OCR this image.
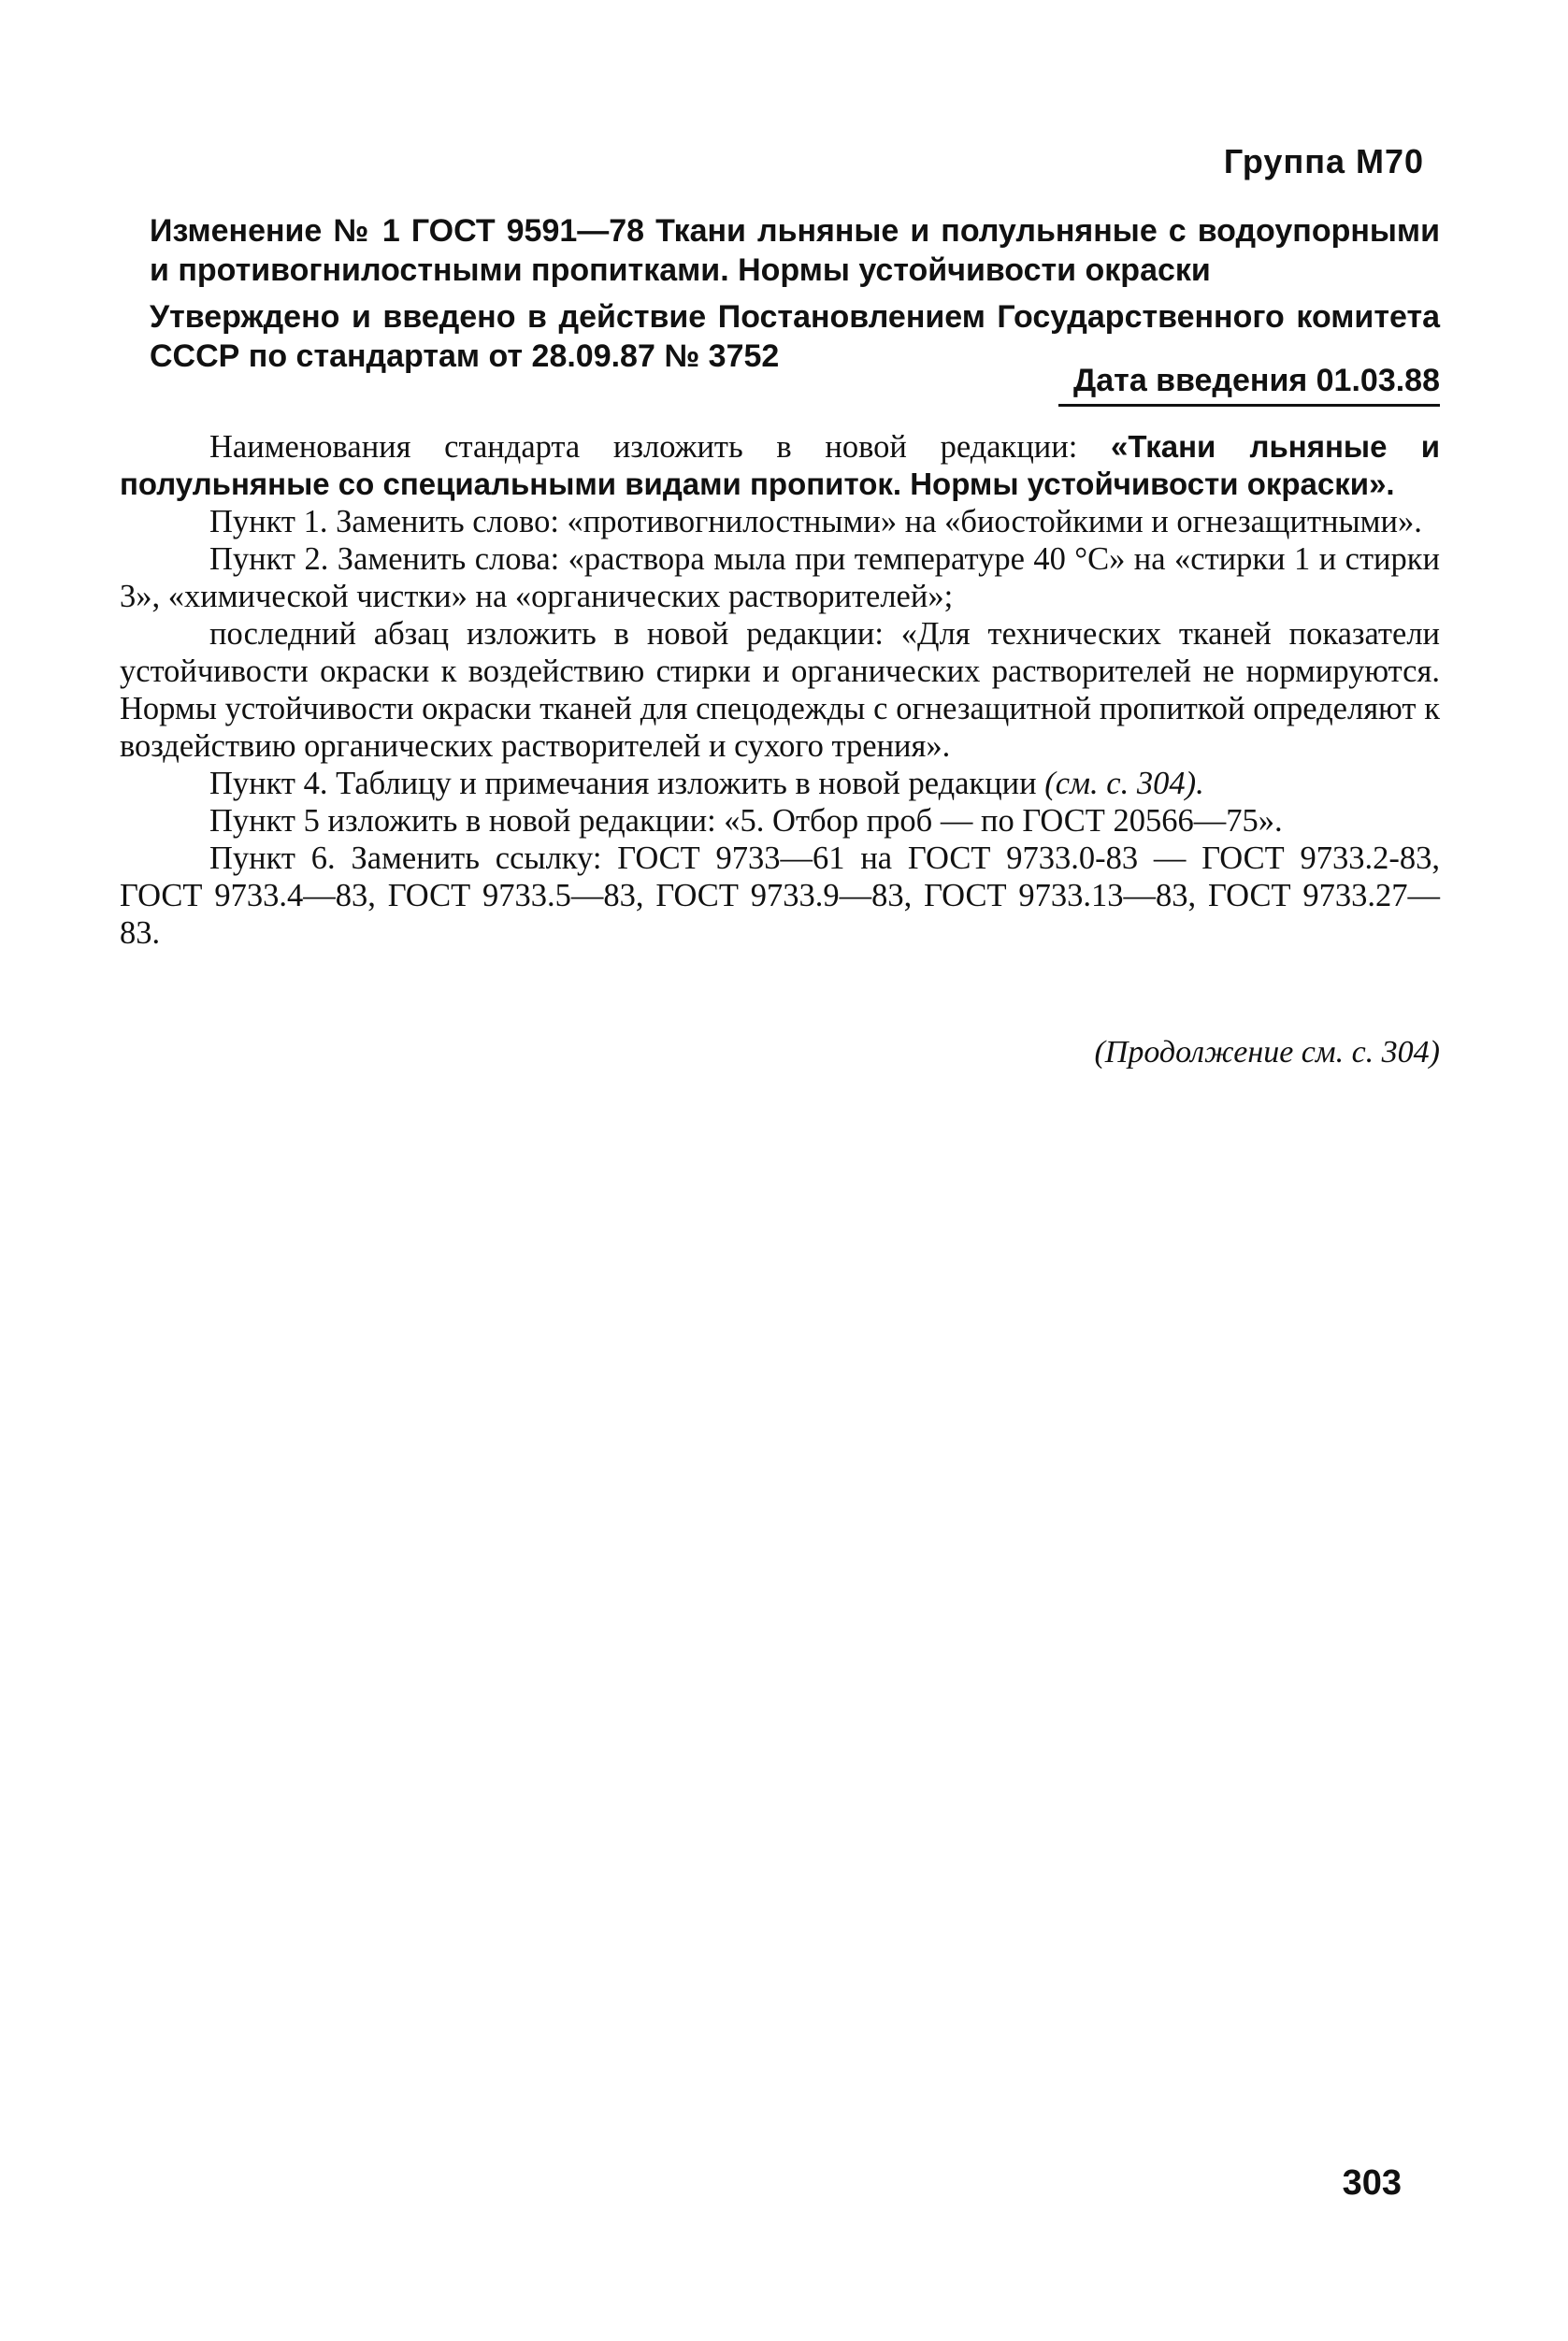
Группа М70
Изменение № 1 ГОСТ 9591—78 Ткани льняные и полульняные с водоупорными и противогнилостными пропитками. Нормы устойчивости окраски
Утверждено и введено в действие Постановлением Государственного комитета СССР по стандартам от 28.09.87 № 3752
Дата введения 01.03.88

Наименования стандарта изложить в новой редакции: «Ткани льняные и полульняные со специальными видами пропиток. Нормы устойчивости окраски».

Пункт 1. Заменить слово: «противогнилостными» на «биостойкими и огнезащитными».

Пункт 2. Заменить слова: «раствора мыла при температуре 40 °С» на «стирки 1 и стирки 3», «химической чистки» на «органических растворителей»;

последний абзац изложить в новой редакции: «Для технических тканей показатели устойчивости окраски к воздействию стирки и органических растворителей не нормируются. Нормы устойчивости окраски тканей для спецодежды с огнезащитной пропиткой определяют к воздействию органических растворителей и сухого трения».

Пункт 4. Таблицу и примечания изложить в новой редакции (см. с. 304).

Пункт 5 изложить в новой редакции: «5. Отбор проб — по ГОСТ 20566—75».

Пункт 6. Заменить ссылку: ГОСТ 9733—61 на ГОСТ 9733.0-83 — ГОСТ 9733.2-83, ГОСТ 9733.4—83, ГОСТ 9733.5—83, ГОСТ 9733.9—83, ГОСТ 9733.13—83, ГОСТ 9733.27—83.

(Продолжение см. с. 304)
303
